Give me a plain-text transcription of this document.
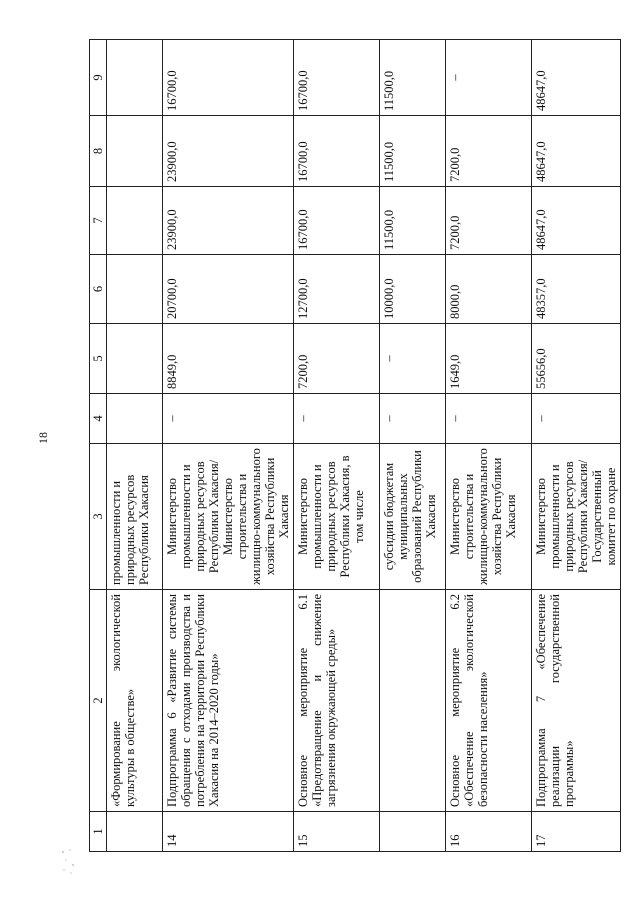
18
1	2	3	4	5	6	7	8	9
	«Формирование экологической культуры в обществе»	промышленности и природных ресурсов Республики Хакасия						
14	Подпрограмма 6 «Развитие системы обращения с отходами производства и потребления на территории Республики Хакасия на 2014–2020 годы»	Министерство промышленности и природных ресурсов Республики Хакасия/ Министерство строительства и жилищно-коммунального хозяйства Республики Хакасия	–	8849,0	20700,0	23900,0	23900,0	16700,0
15	Основное мероприятие 6.1 «Предотвращение и снижение загрязнения окружающей среды»	Министерство промышленности и природных ресурсов Республики Хакасия, в том числе	–	7200,0	12700,0	16700,0	16700,0	16700,0
		субсидии бюджетам муниципальных образований Республики Хакасия	–	–	10000,0	11500,0	11500,0	11500,0
16	Основное мероприятие 6.2 «Обеспечение экологической безопасности населения»	Министерство строительства и жилищно-коммунального хозяйства Республики Хакасия	–	1649,0	8000,0	7200,0	7200,0	–
17	Подпрограмма 7 «Обеспечение реализации государственной программы»	Министерство промышленности и природных ресурсов Республики Хакасия/ Государственный комитет по охране	–	55656,0	48357,0	48647,0	48647,0	48647,0
